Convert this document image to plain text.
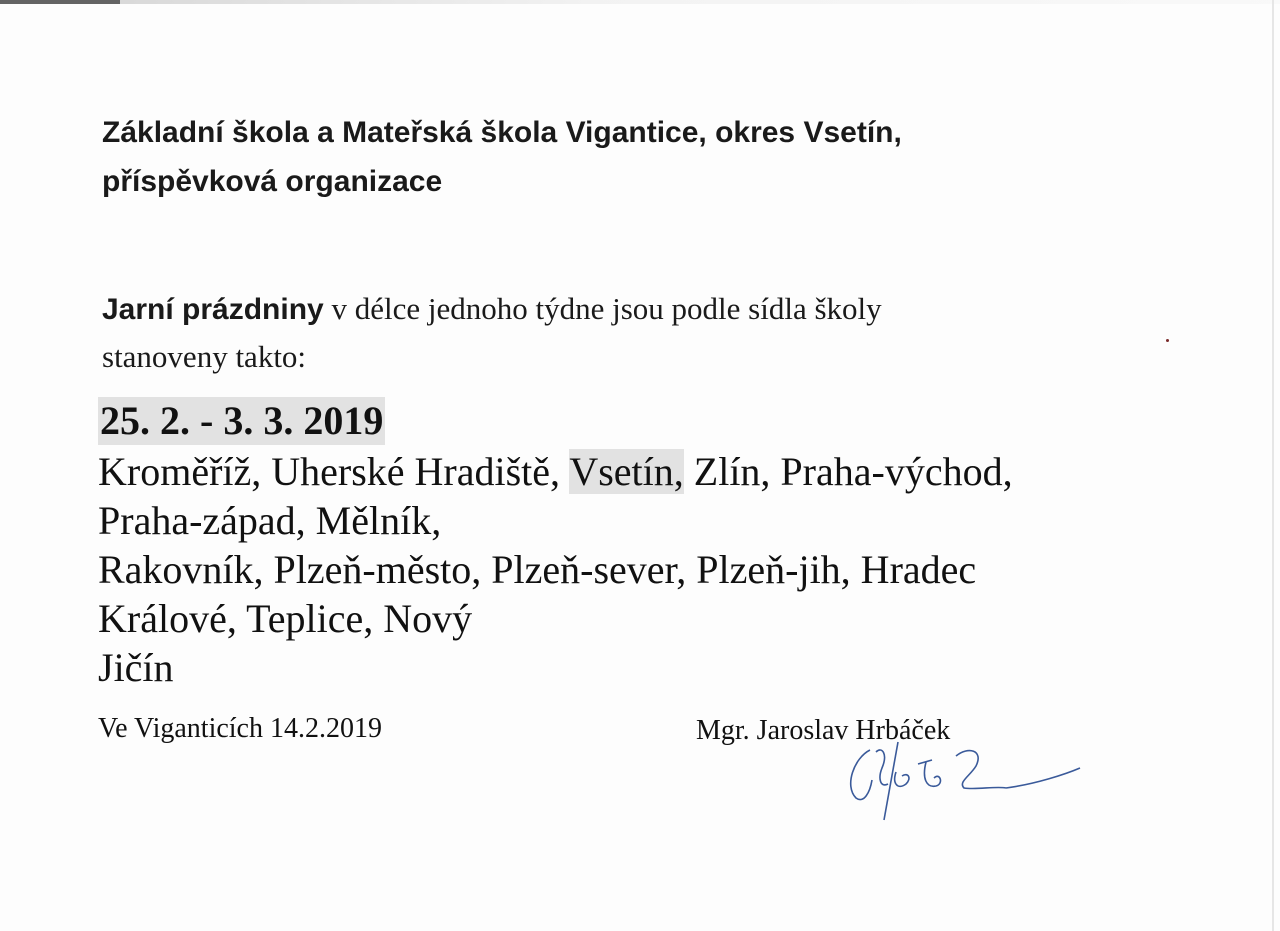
Základní škola a Mateřská škola Vigantice, okres Vsetín,
příspěvková organizace
Jarní prázdniny v délce jednoho týdne jsou podle sídla školy
stanoveny takto:
25. 2. - 3. 3. 2019
Kroměříž, Uherské Hradiště, Vsetín, Zlín, Praha-východ,
Praha-západ, Mělník,
Rakovník, Plzeň-město, Plzeň-sever, Plzeň-jih, Hradec
Králové, Teplice, Nový
Jičín
Ve Viganticích 14.2.2019	Mgr. Jaroslav Hrbáček
